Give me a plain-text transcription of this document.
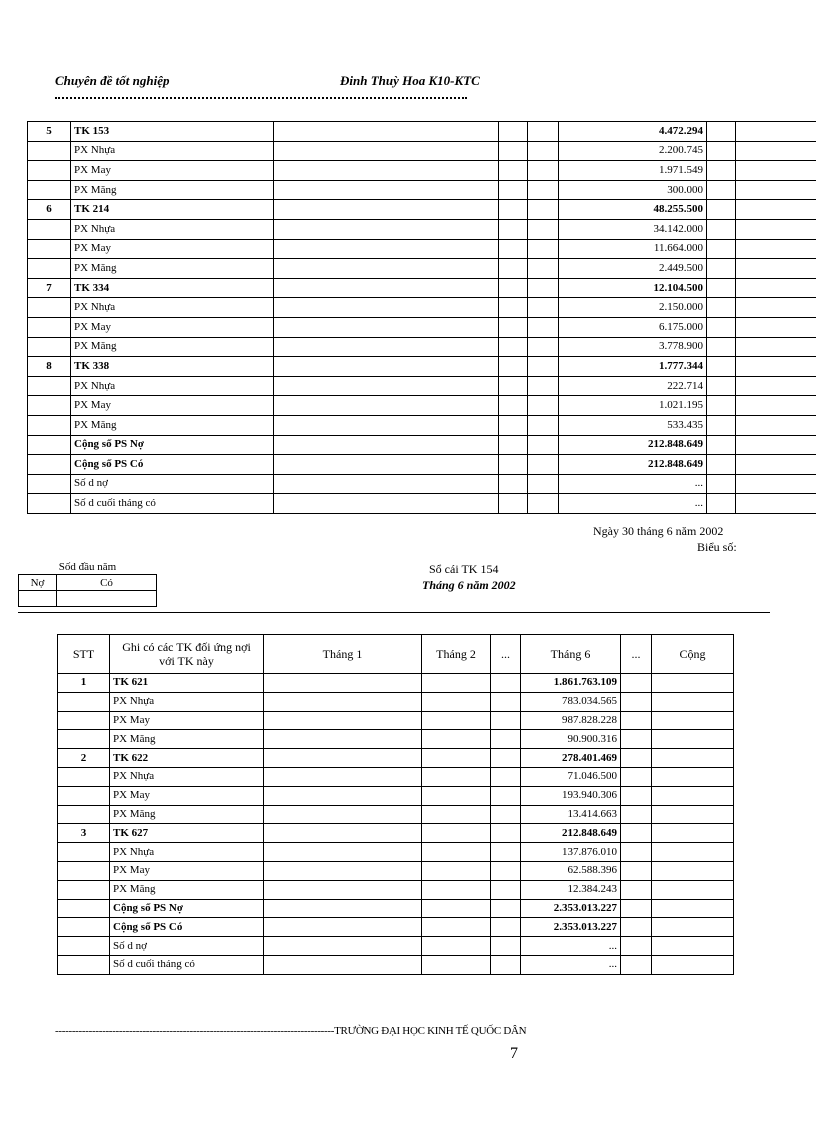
Chuyên đề tốt nghiệp	Đinh Thuỳ Hoa K10-KTC
5	TK 153				4.472.294		
	PX Nhựa				2.200.745		
	PX May				1.971.549		
	PX Măng				300.000		
6	TK 214				48.255.500		
	PX Nhựa				34.142.000		
	PX May				11.664.000		
	PX Măng				2.449.500		
7	TK 334				12.104.500		
	PX Nhựa				2.150.000		
	PX May				6.175.000		
	PX Măng				3.778.900		
8	TK 338				1.777.344		
	PX Nhựa				222.714		
	PX May				1.021.195		
	PX Măng				533.435		
	Cộng số PS Nợ				212.848.649		
	Cộng số PS Có				212.848.649		
	Số d nợ				...		
	Số d cuối tháng có				...		
Ngày 30 tháng 6 năm 2002
Biểu số:
Sốd đầu năm	
Nợ	Có

Sổ cái TK 154
Tháng 6 năm 2002
STT	Ghi có các TK đối ứng nợi với TK này	Tháng 1	Tháng 2	...	Tháng 6	...	Cộng
1	TK 621				1.861.763.109		
	PX Nhựa				783.034.565		
	PX May				987.828.228		
	PX Măng				90.900.316		
2	TK 622				278.401.469		
	PX Nhựa				71.046.500		
	PX May				193.940.306		
	PX Măng				13.414.663		
3	TK 627				212.848.649		
	PX Nhựa				137.876.010		
	PX May				62.588.396		
	PX Măng				12.384.243		
	Cộng số PS Nợ				2.353.013.227		
	Cộng số PS Có				2.353.013.227		
	Số d nợ				...		
	Số d cuối tháng có				...		
-----------------------------------------------------------------------------------TRƯỜNG ĐẠI HỌC KINH TẾ QUỐC DÂN
7
